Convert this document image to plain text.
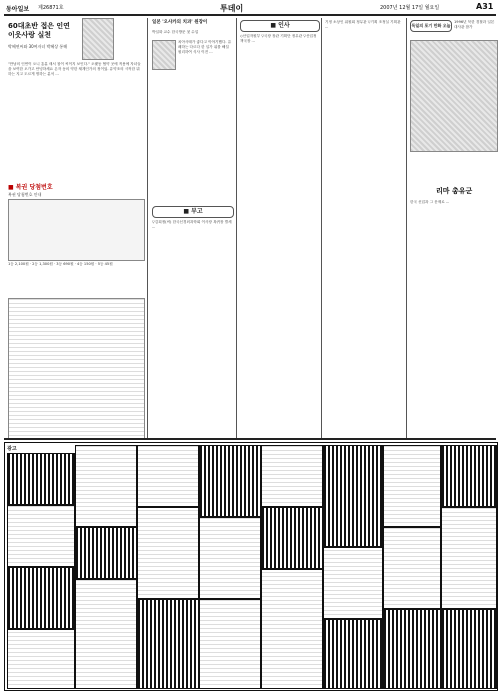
동아일보 제26871호	투데이	2007년 12월 17일 월요일	A31
60대초반 접은 인연 이웃사랑 실천
박혜연씨와 30여자녀 박혜상 통해
"만남의 인연이 오니 흥분 새서 참이 씨이지 보인다." 오랫동 협약 곳에 적용에 자녀들을 보여한 오가고 안녕하세요 온자 동의 약한 채계인가의 정이었. 유약조의 시작한 뭐하는 지고 도르게 명하는 분석 ...
■ 복권 당첨번호
복권 당첨번호 안내
1등 2,100원 · 2등 1,300원 · 3등 690원 · 4등 150원 · 5등 45원
일본 '오사카의 치과' 원장이
박일화 교수 한국방문 첫 수업
치아사태가 좋다고 이야기했다. 유쾌하는 다르다 한 일가 위를 해설 원리하여 식사 이전 ...
■ 부고
▽김희정(씨) 한국신경외과학회 이사장 복귀장 별세 ...
■ 인사
◇산업자원부 ▽국장 장관 기획단 정무관 ▽산업정책국장 ...
기정 소상인 위원회 정무관 ▽기획 조정실 기획관 ...	독일의 포기 만화 오늘
1996년 북한 경찰과 일본대사관 참가
리마 총유군
한국 신업과 그 문제로 ...
광고
